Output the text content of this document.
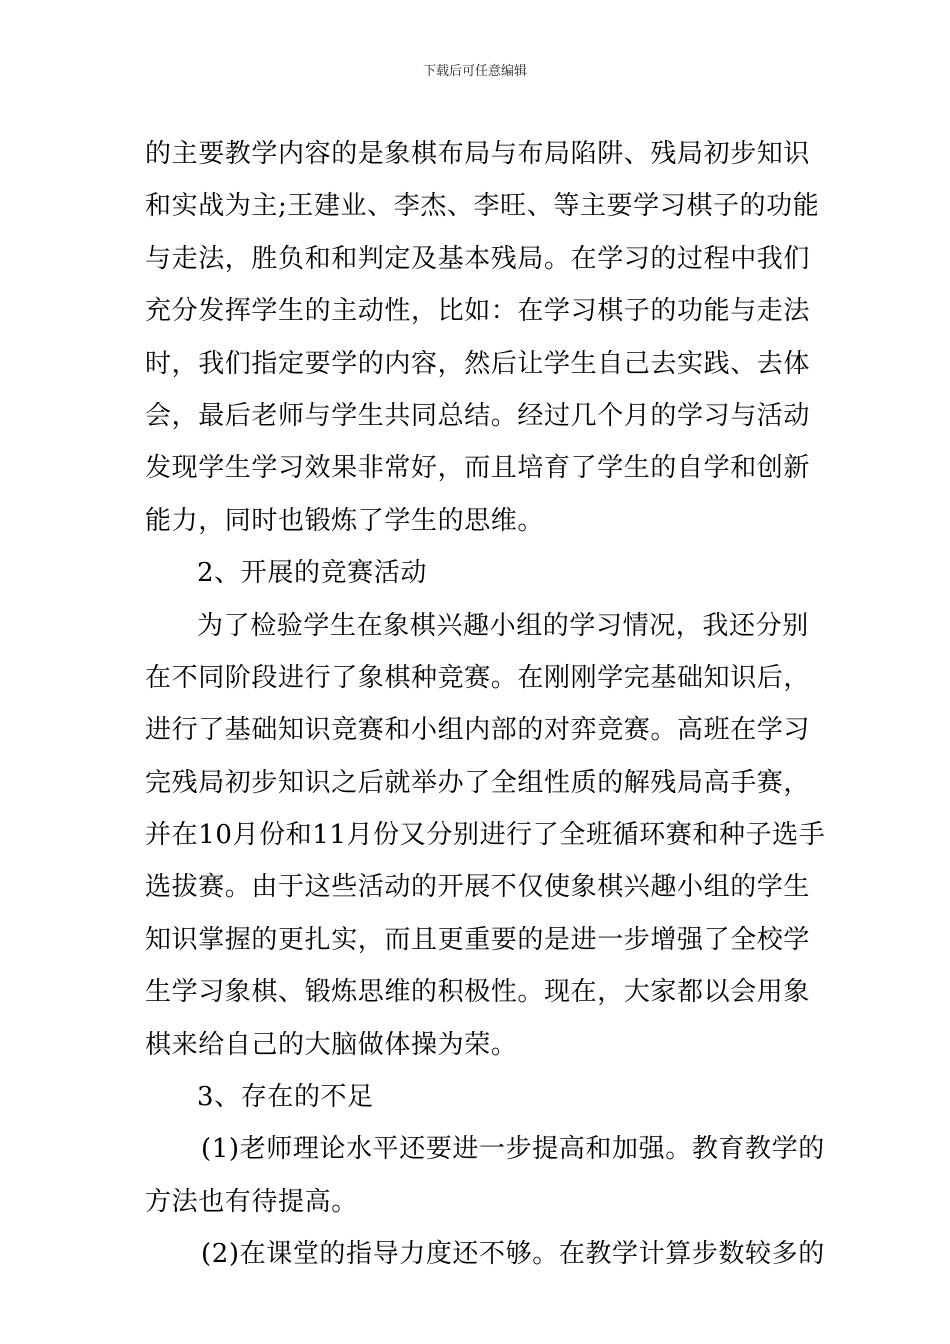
下载后可任意编辑
的主要教学内容的是象棋布局与布局陷阱、残局初步知识
和实战为主;王建业、李杰、李旺、等主要学习棋子的功能
与走法，胜负和和判定及基本残局。在学习的过程中我们
充分发挥学生的主动性，比如：在学习棋子的功能与走法
时，我们指定要学的内容，然后让学生自己去实践、去体
会，最后老师与学生共同总结。经过几个月的学习与活动
发现学生学习效果非常好，而且培育了学生的自学和创新
能力，同时也锻炼了学生的思维。
2、开展的竞赛活动
为了检验学生在象棋兴趣小组的学习情况，我还分别
在不同阶段进行了象棋种竞赛。在刚刚学完基础知识后，
进行了基础知识竞赛和小组内部的对弈竞赛。高班在学习
完残局初步知识之后就举办了全组性质的解残局高手赛，
并在10月份和11月份又分别进行了全班循环赛和种子选手
选拔赛。由于这些活动的开展不仅使象棋兴趣小组的学生
知识掌握的更扎实，而且更重要的是进一步增强了全校学
生学习象棋、锻炼思维的积极性。现在，大家都以会用象
棋来给自己的大脑做体操为荣。
3、存在的不足
(1)老师理论水平还要进一步提高和加强。教育教学的
方法也有待提高。
(2)在课堂的指导力度还不够。在教学计算步数较多的
